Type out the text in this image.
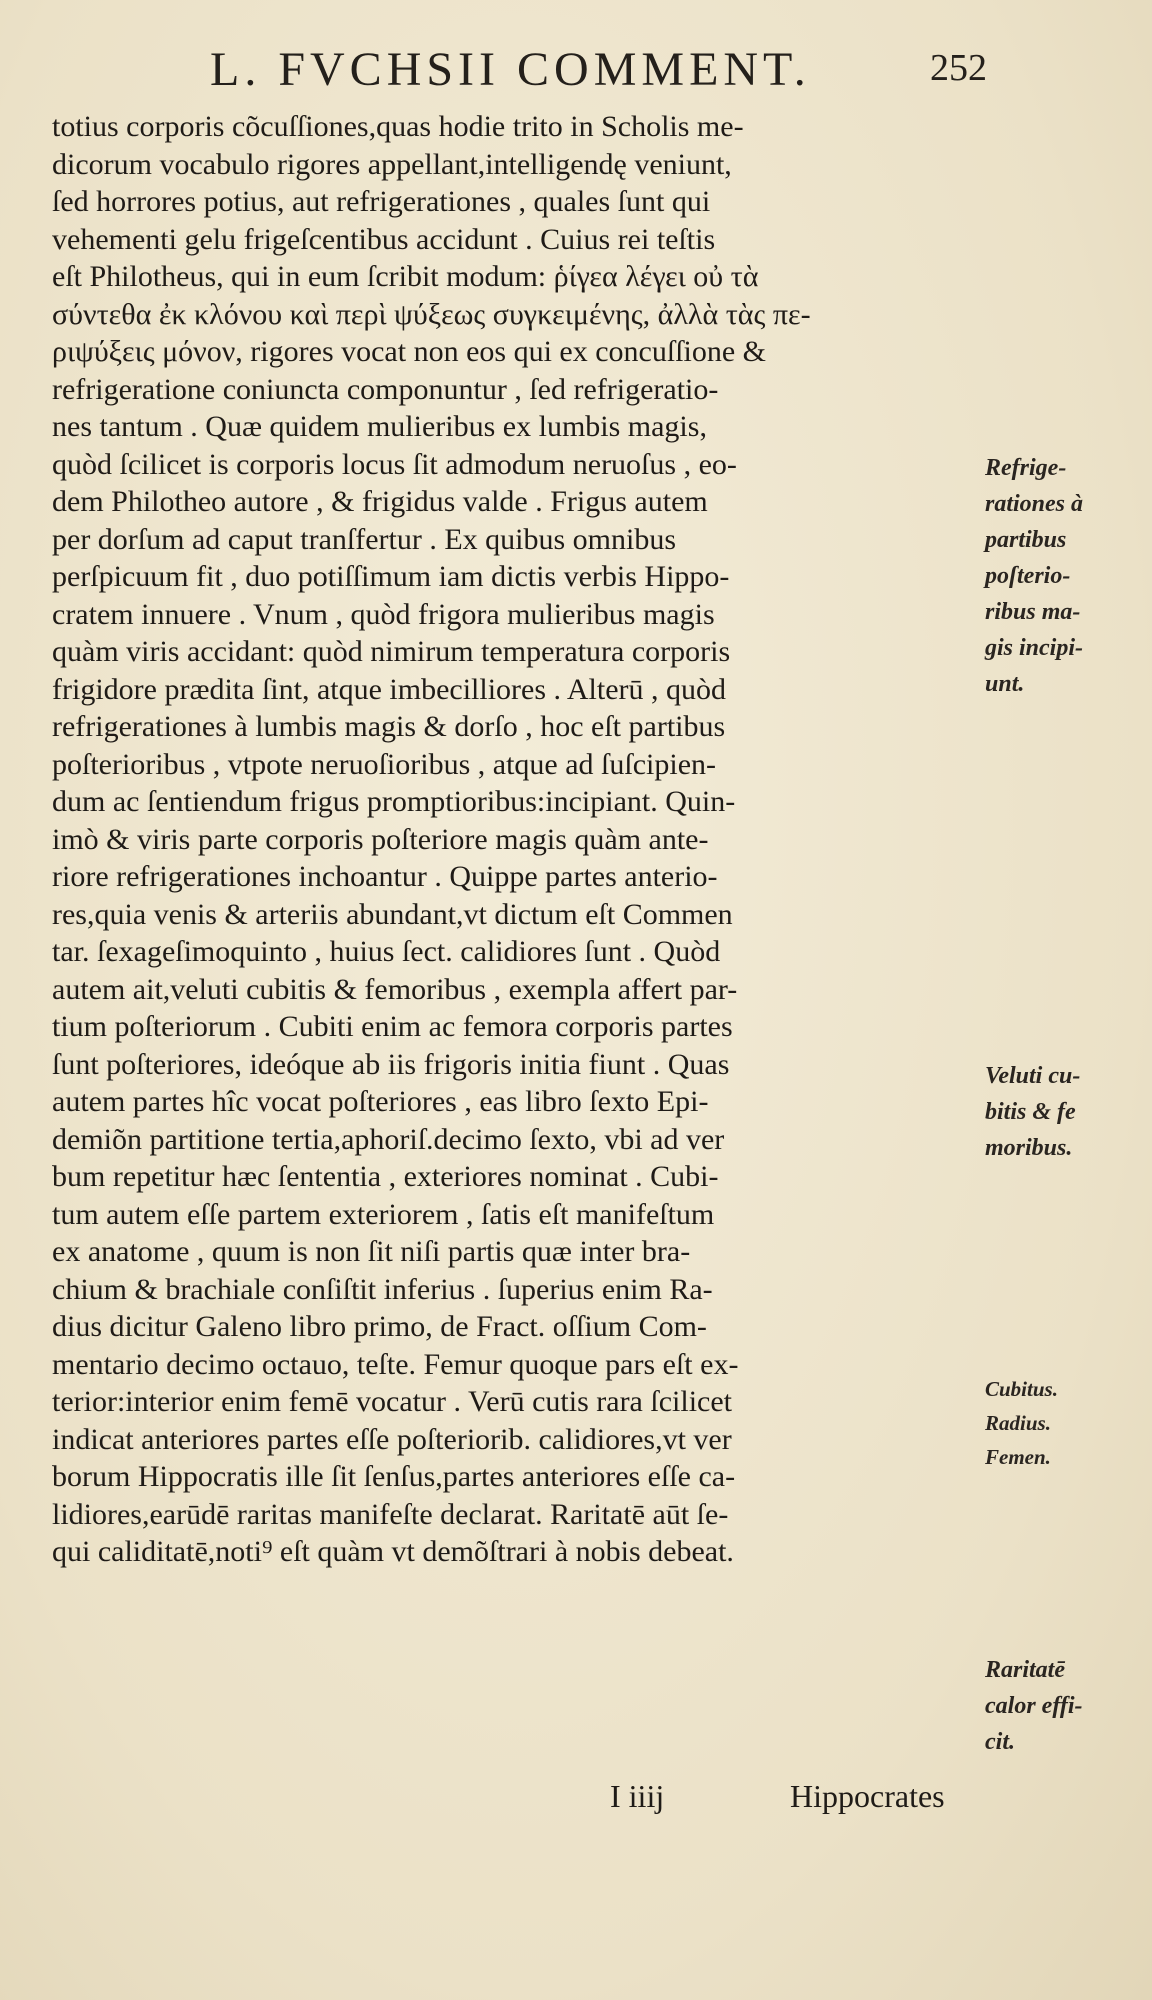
L. FVCHSII COMMENT.	252
totius corporis cõcuſſiones,quas hodie trito in Scholis me-
dicorum vocabulo rigores appellant,intelligendę veniunt,
ſed horrores potius, aut refrigerationes , quales ſunt qui
vehementi gelu frigeſcentibus accidunt . Cuius rei teſtis
eſt Philotheus, qui in eum ſcribit modum: ῥίγεα λέγει οὐ τὰ
σύντεθα ἐκ κλόνου καὶ περὶ ψύξεως συγκειμένης, ἀλλὰ τὰς πε-
ριψύξεις μόνον, rigores vocat non eos qui ex concuſſione &
refrigeratione coniuncta componuntur , ſed refrigeratio-
nes tantum . Quæ quidem mulieribus ex lumbis magis,
quòd ſcilicet is corporis locus ſit admodum neruoſus , eo-
dem Philotheo autore , & frigidus valde . Frigus autem
per dorſum ad caput tranſfertur . Ex quibus omnibus
perſpicuum fit , duo potiſſimum iam dictis verbis Hippo-
cratem innuere . Vnum , quòd frigora mulieribus magis
quàm viris accidant: quòd nimirum temperatura corporis
frigidore prædita ſint, atque imbecilliores . Alterū , quòd
refrigerationes à lumbis magis & dorſo , hoc eſt partibus
poſterioribus , vtpote neruoſioribus , atque ad ſuſcipien-
dum ac ſentiendum frigus promptioribus:incipiant. Quin-
imò & viris parte corporis poſteriore magis quàm ante-
riore refrigerationes inchoantur . Quippe partes anterio-
res,quia venis & arteriis abundant,vt dictum eſt Commen
tar. ſexageſimoquinto , huius ſect. calidiores ſunt . Quòd
autem ait,veluti cubitis & femoribus , exempla affert par-
tium poſteriorum . Cubiti enim ac femora corporis partes
ſunt poſteriores, ideóque ab iis frigoris initia fiunt . Quas
autem partes hîc vocat poſteriores , eas libro ſexto Epi-
demiõn partitione tertia,aphoriſ.decimo ſexto, vbi ad ver
bum repetitur hæc ſententia , exteriores nominat . Cubi-
tum autem eſſe partem exteriorem , ſatis eſt manifeſtum
ex anatome , quum is non ſit niſi partis quæ inter bra-
chium & brachiale conſiſtit inferius . ſuperius enim Ra-
dius dicitur Galeno libro primo, de Fract. oſſium Com-
mentario decimo octauo, teſte. Femur quoque pars eſt ex-
terior:interior enim femē vocatur . Verū cutis rara ſcilicet
indicat anteriores partes eſſe poſteriorib. calidiores,vt ver
borum Hippocratis ille ſit ſenſus,partes anteriores eſſe ca-
lidiores,earūdē raritas manifeſte declarat. Raritatē aūt ſe-
qui caliditatē,noti⁹ eſt quàm vt demõſtrari à nobis debeat.
Refrige-
rationes à
partibus
poſterio-
ribus ma-
gis incipi-
unt.
Veluti cu-
bitis & fe
moribus.
Cubitus.
Radius.
Femen.
Raritatē
calor effi-
cit.
I iiij	Hippocrates
